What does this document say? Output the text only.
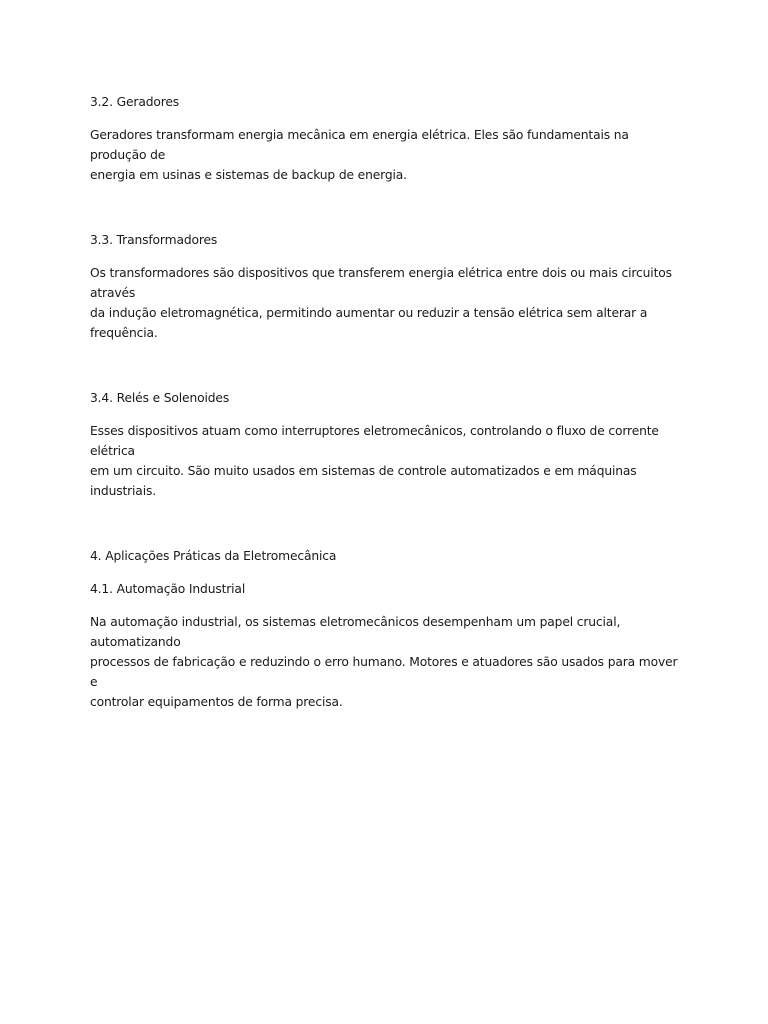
3.2. Geradores

Geradores transformam energia mecânica em energia elétrica. Eles são fundamentais na produção de
energia em usinas e sistemas de backup de energia.

3.3. Transformadores

Os transformadores são dispositivos que transferem energia elétrica entre dois ou mais circuitos através
da indução eletromagnética, permitindo aumentar ou reduzir a tensão elétrica sem alterar a frequência.

3.4. Relés e Solenoides

Esses dispositivos atuam como interruptores eletromecânicos, controlando o fluxo de corrente elétrica
em um circuito. São muito usados em sistemas de controle automatizados e em máquinas industriais.

4. Aplicações Práticas da Eletromecânica

4.1. Automação Industrial

Na automação industrial, os sistemas eletromecânicos desempenham um papel crucial, automatizando
processos de fabricação e reduzindo o erro humano. Motores e atuadores são usados para mover e
controlar equipamentos de forma precisa.
